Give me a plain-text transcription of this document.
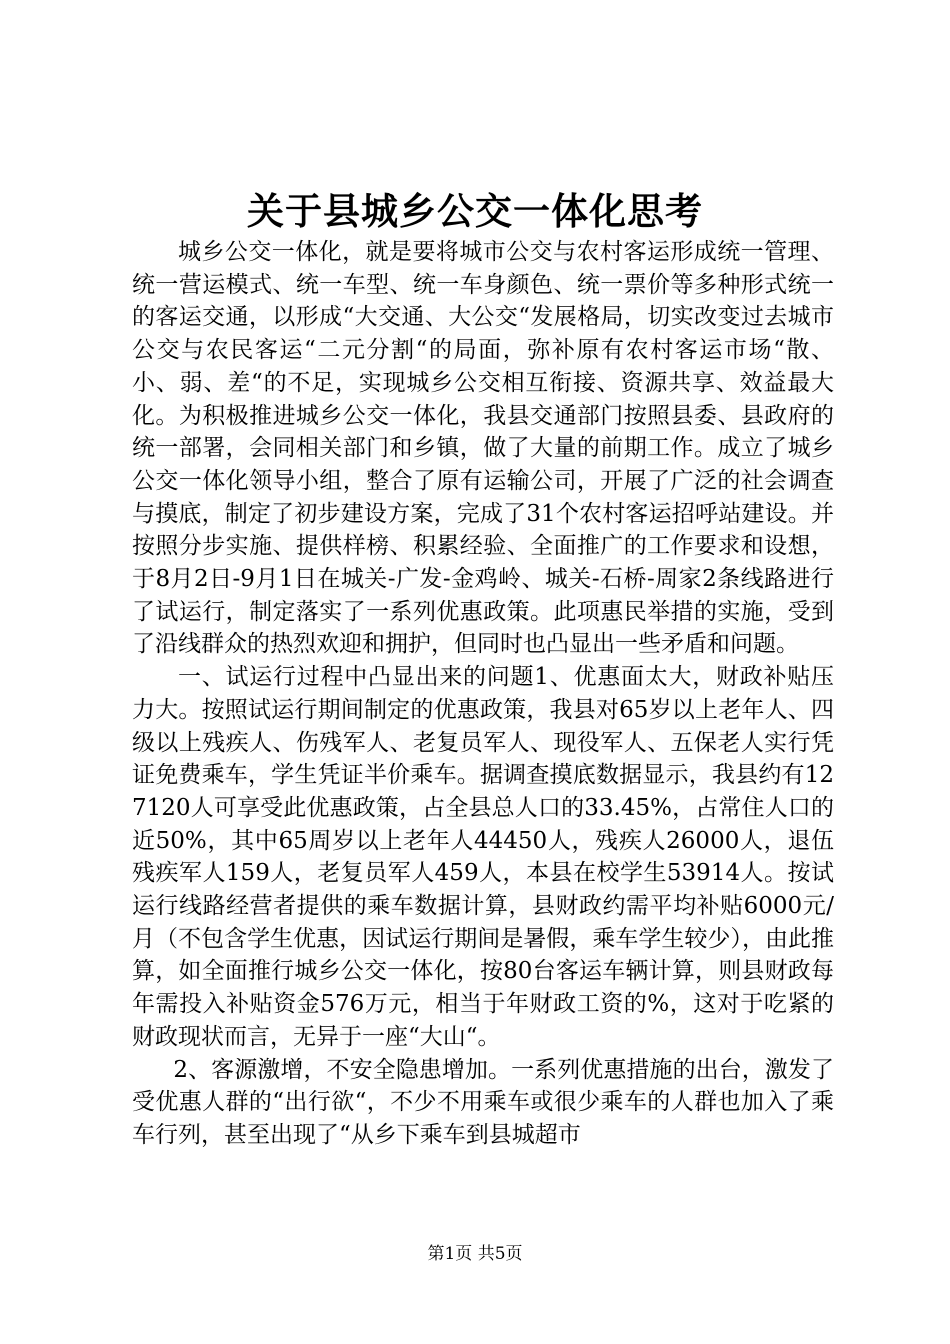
关于县城乡公交一体化思考

城乡公交一体化，就是要将城市公交与农村客运形成统一管理、统一营运模式、统一车型、统一车身颜色、统一票价等多种形式统一的客运交通，以形成“大交通、大公交“发展格局，切实改变过去城市公交与农民客运“二元分割“的局面，弥补原有农村客运市场“散、小、弱、差“的不足，实现城乡公交相互衔接、资源共享、效益最大化。为积极推进城乡公交一体化，我县交通部门按照县委、县政府的统一部署，会同相关部门和乡镇，做了大量的前期工作。成立了城乡公交一体化领导小组，整合了原有运输公司，开展了广泛的社会调查与摸底，制定了初步建设方案，完成了31个农村客运招呼站建设。并按照分步实施、提供样榜、积累经验、全面推广的工作要求和设想，于8月2日-9月1日在城关-广发-金鸡岭、城关-石桥-周家2条线路进行了试运行，制定落实了一系列优惠政策。此项惠民举措的实施，受到了沿线群众的热烈欢迎和拥护，但同时也凸显出一些矛盾和问题。

一、试运行过程中凸显出来的问题1、优惠面太大，财政补贴压力大。按照试运行期间制定的优惠政策，我县对65岁以上老年人、四级以上残疾人、伤残军人、老复员军人、现役军人、五保老人实行凭证免费乘车，学生凭证半价乘车。据调查摸底数据显示，我县约有127120人可享受此优惠政策，占全县总人口的33.45%，占常住人口的近50%，其中65周岁以上老年人44450人，残疾人26000人，退伍残疾军人159人，老复员军人459人，本县在校学生53914人。按试运行线路经营者提供的乘车数据计算，县财政约需平均补贴6000元/月（不包含学生优惠，因试运行期间是暑假，乘车学生较少），由此推算，如全面推行城乡公交一体化，按80台客运车辆计算，则县财政每年需投入补贴资金576万元，相当于年财政工资的%，这对于吃紧的财政现状而言，无异于一座“大山“。

2、客源激增，不安全隐患增加。一系列优惠措施的出台，激发了受优惠人群的“出行欲“，不少不用乘车或很少乘车的人群也加入了乘车行列，甚至出现了“从乡下乘车到县城超市

第1页 共5页
